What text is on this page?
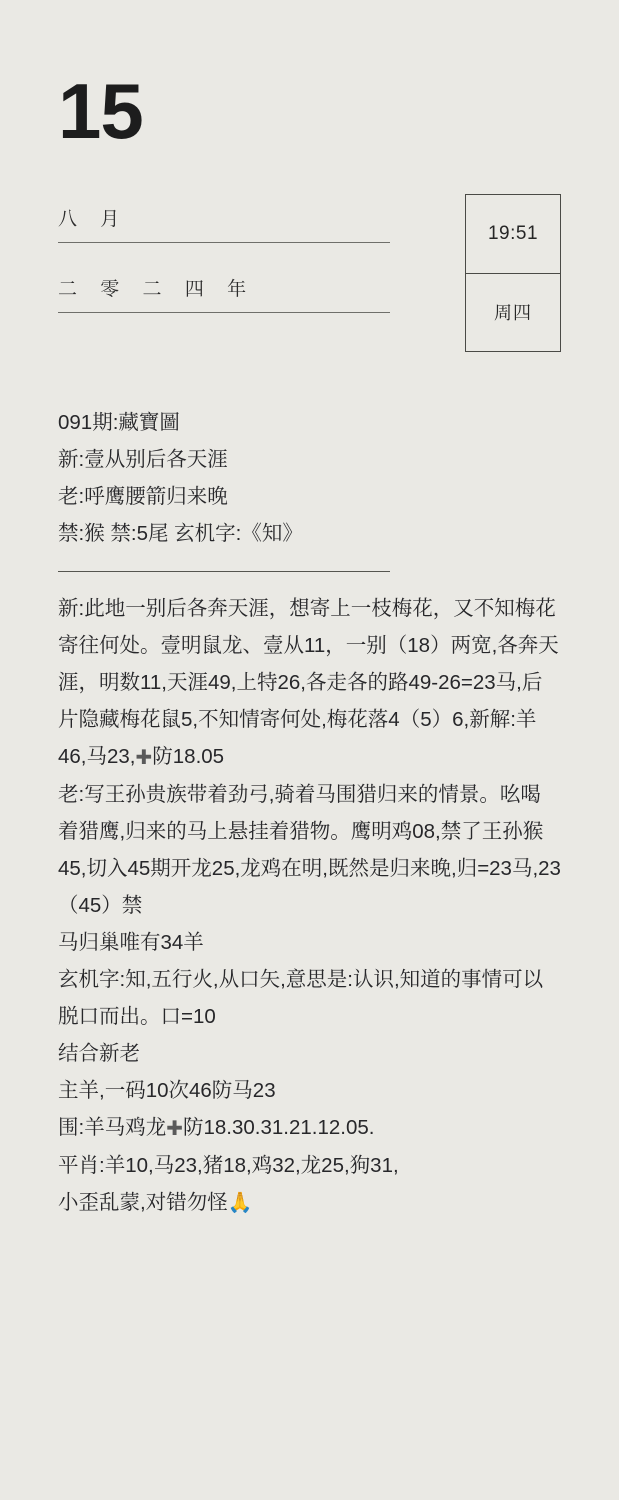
15
八 月
二 零 二 四 年
19:51
周四

091期:藏寶圖

新:壹从别后各天涯

老:呼鹰腰箭归来晚

禁:猴 禁:5尾 玄机字:《知》

新:此地一别后各奔天涯，想寄上一枝梅花，又不知梅花寄往何处。壹明鼠龙、壹从11，一别（18）两宽,各奔天涯，明数11,天涯49,上特26,各走各的路49-26=23马,后片隐藏梅花鼠5,不知情寄何处,梅花落4（5）6,新解:羊46,马23,✚防18.05

老:写王孙贵族带着劲弓,骑着马围猎归来的情景。吆喝着猎鹰,归来的马上悬挂着猎物。鹰明鸡08,禁了王孙猴45,切入45期开龙25,龙鸡在明,既然是归来晚,归=23马,23（45）禁

马归巢唯有34羊

玄机字:知,五行火,从口矢,意思是:认识,知道的事情可以脱口而出。口=10

结合新老

主羊,一码10次46防马23

围:羊马鸡龙✚防18.30.31.21.12.05.

平肖:羊10,马23,猪18,鸡32,龙25,狗31,

小歪乱蒙,对错勿怪🙏
